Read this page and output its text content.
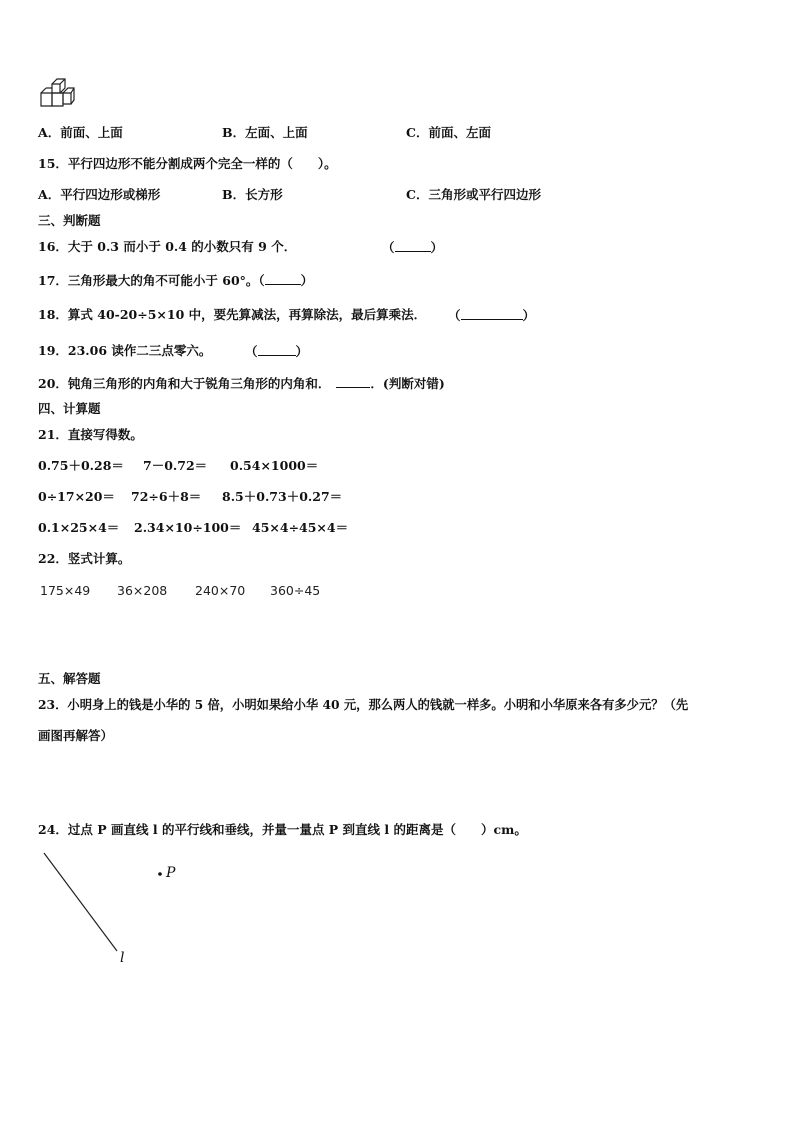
A．前面、上面	B．左面、上面	C．前面、左面
15．平行四边形不能分割成两个完全一样的（　　）。
A．平行四边形或梯形	B．长方形	C．三角形或平行四边形
三、判断题
16．大于 0.3 而小于 0.4 的小数只有 9 个．	（	）
17．三角形最大的角不可能小于 60°。（	）
18．算式 40-20÷5×10 中，要先算减法，再算除法，最后算乘法． （	）
19．23.06 读作二三点零六。	（	）
20．钝角三角形的内角和大于锐角三角形的内角和．	．(判断对错)
四、计算题
21．直接写得数。
0.75＋0.28＝ 7－0.72＝ 0.54×1000＝
0÷17×20＝ 72÷6＋8＝ 8.5＋0.73＋0.27＝
0.1×25×4＝ 2.34×10÷100＝ 45×4÷45×4＝
22．竖式计算。
175×49 36×208 240×70 360÷45
五、解答题
23．小明身上的钱是小华的 5 倍，小明如果给小华 40 元，那么两人的钱就一样多。小明和小华原来各有多少元？（先
画图再解答）
24．过点 P 画直线 l 的平行线和垂线，并量一量点 P 到直线 l 的距离是（　　）cm。
P
l
